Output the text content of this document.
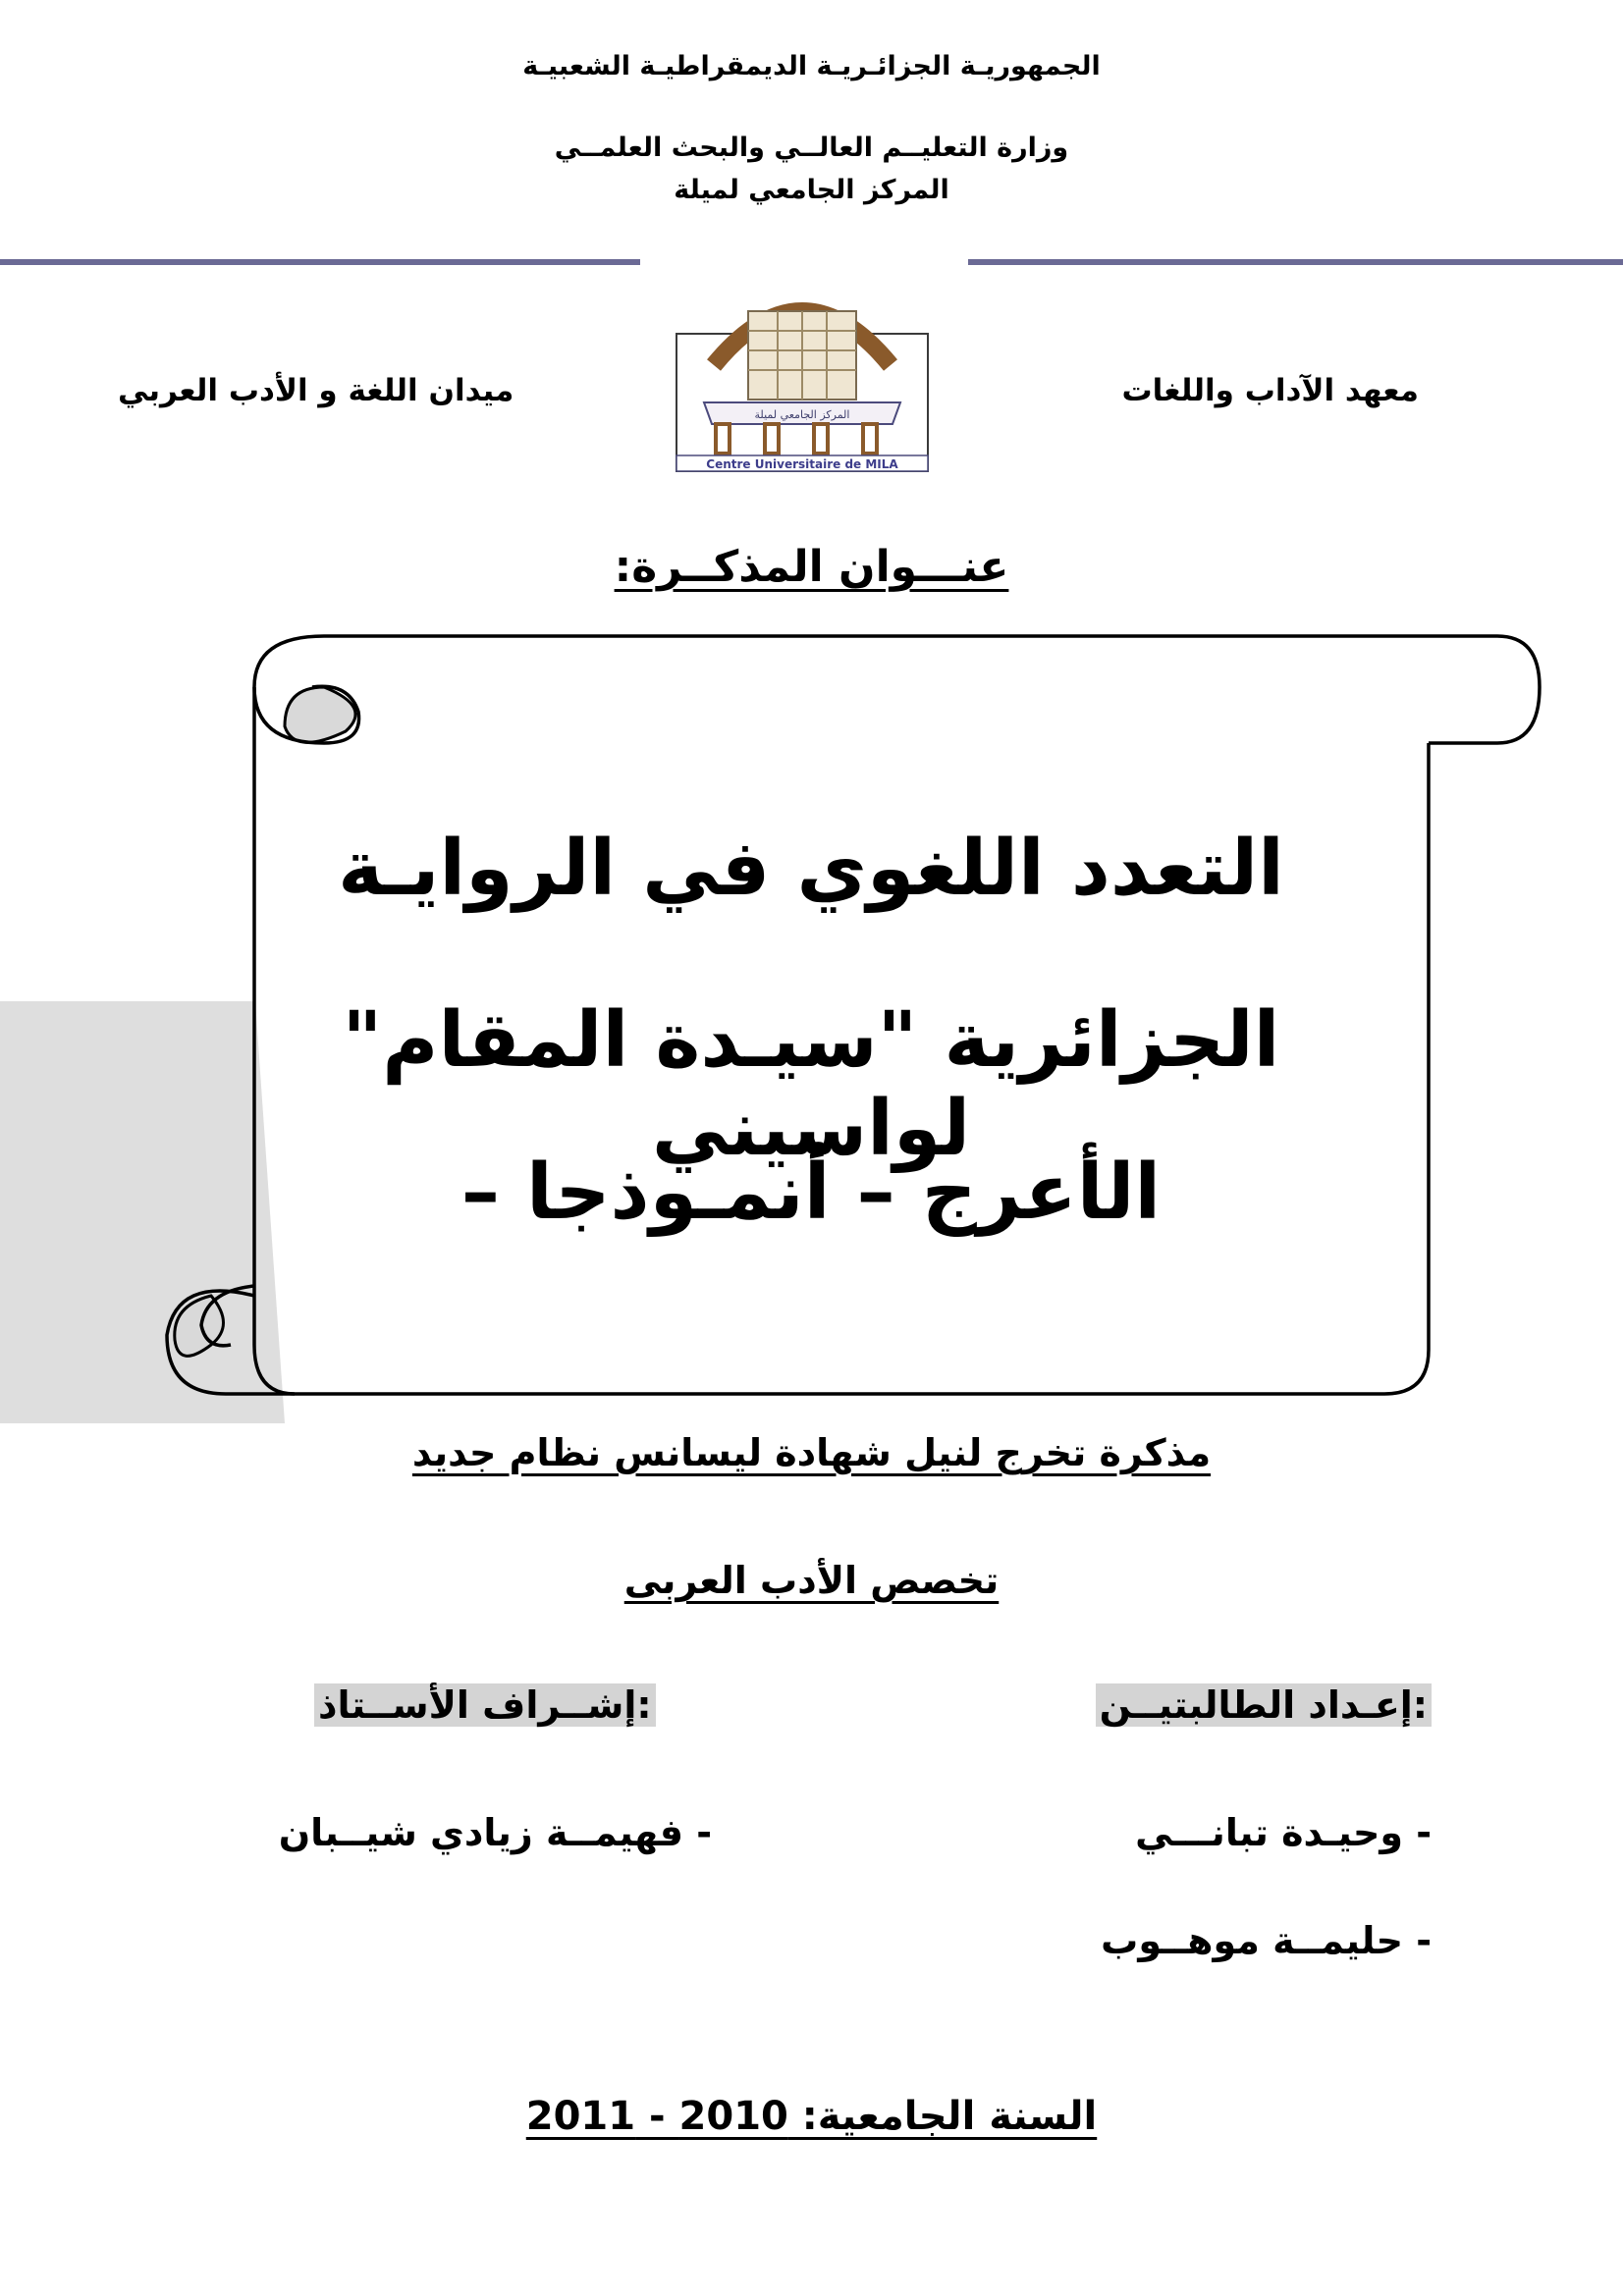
الجمهوريـة الجزائـريـة الديمقراطيـة الشعبيـة
وزارة التعليــم العالــي والبحث العلمــي
المركز الجامعي لميلة
ميدان اللغة و الأدب العربي	معهد الآداب واللغات
المركز الجامعي لميلة
Centre Universitaire de MILA
عنـــوان المذكــرة:
التعدد اللغوي في الروايـة
الجزائرية "سيـدة المقام" لواسيني
الأعرج – أنمـوذجا –
مذكرة تخرج لنيل شهادة ليسانس نظام جديد
تخصص الأدب العربى
إعـداد الطالبتيــن:
إشــراف الأســتاذ:
- وحيـدة تبانـــي
- حليمــة موهــوب
- فهيمــة زيادي شيــبان
السنة الجامعية: 2010 - 2011
